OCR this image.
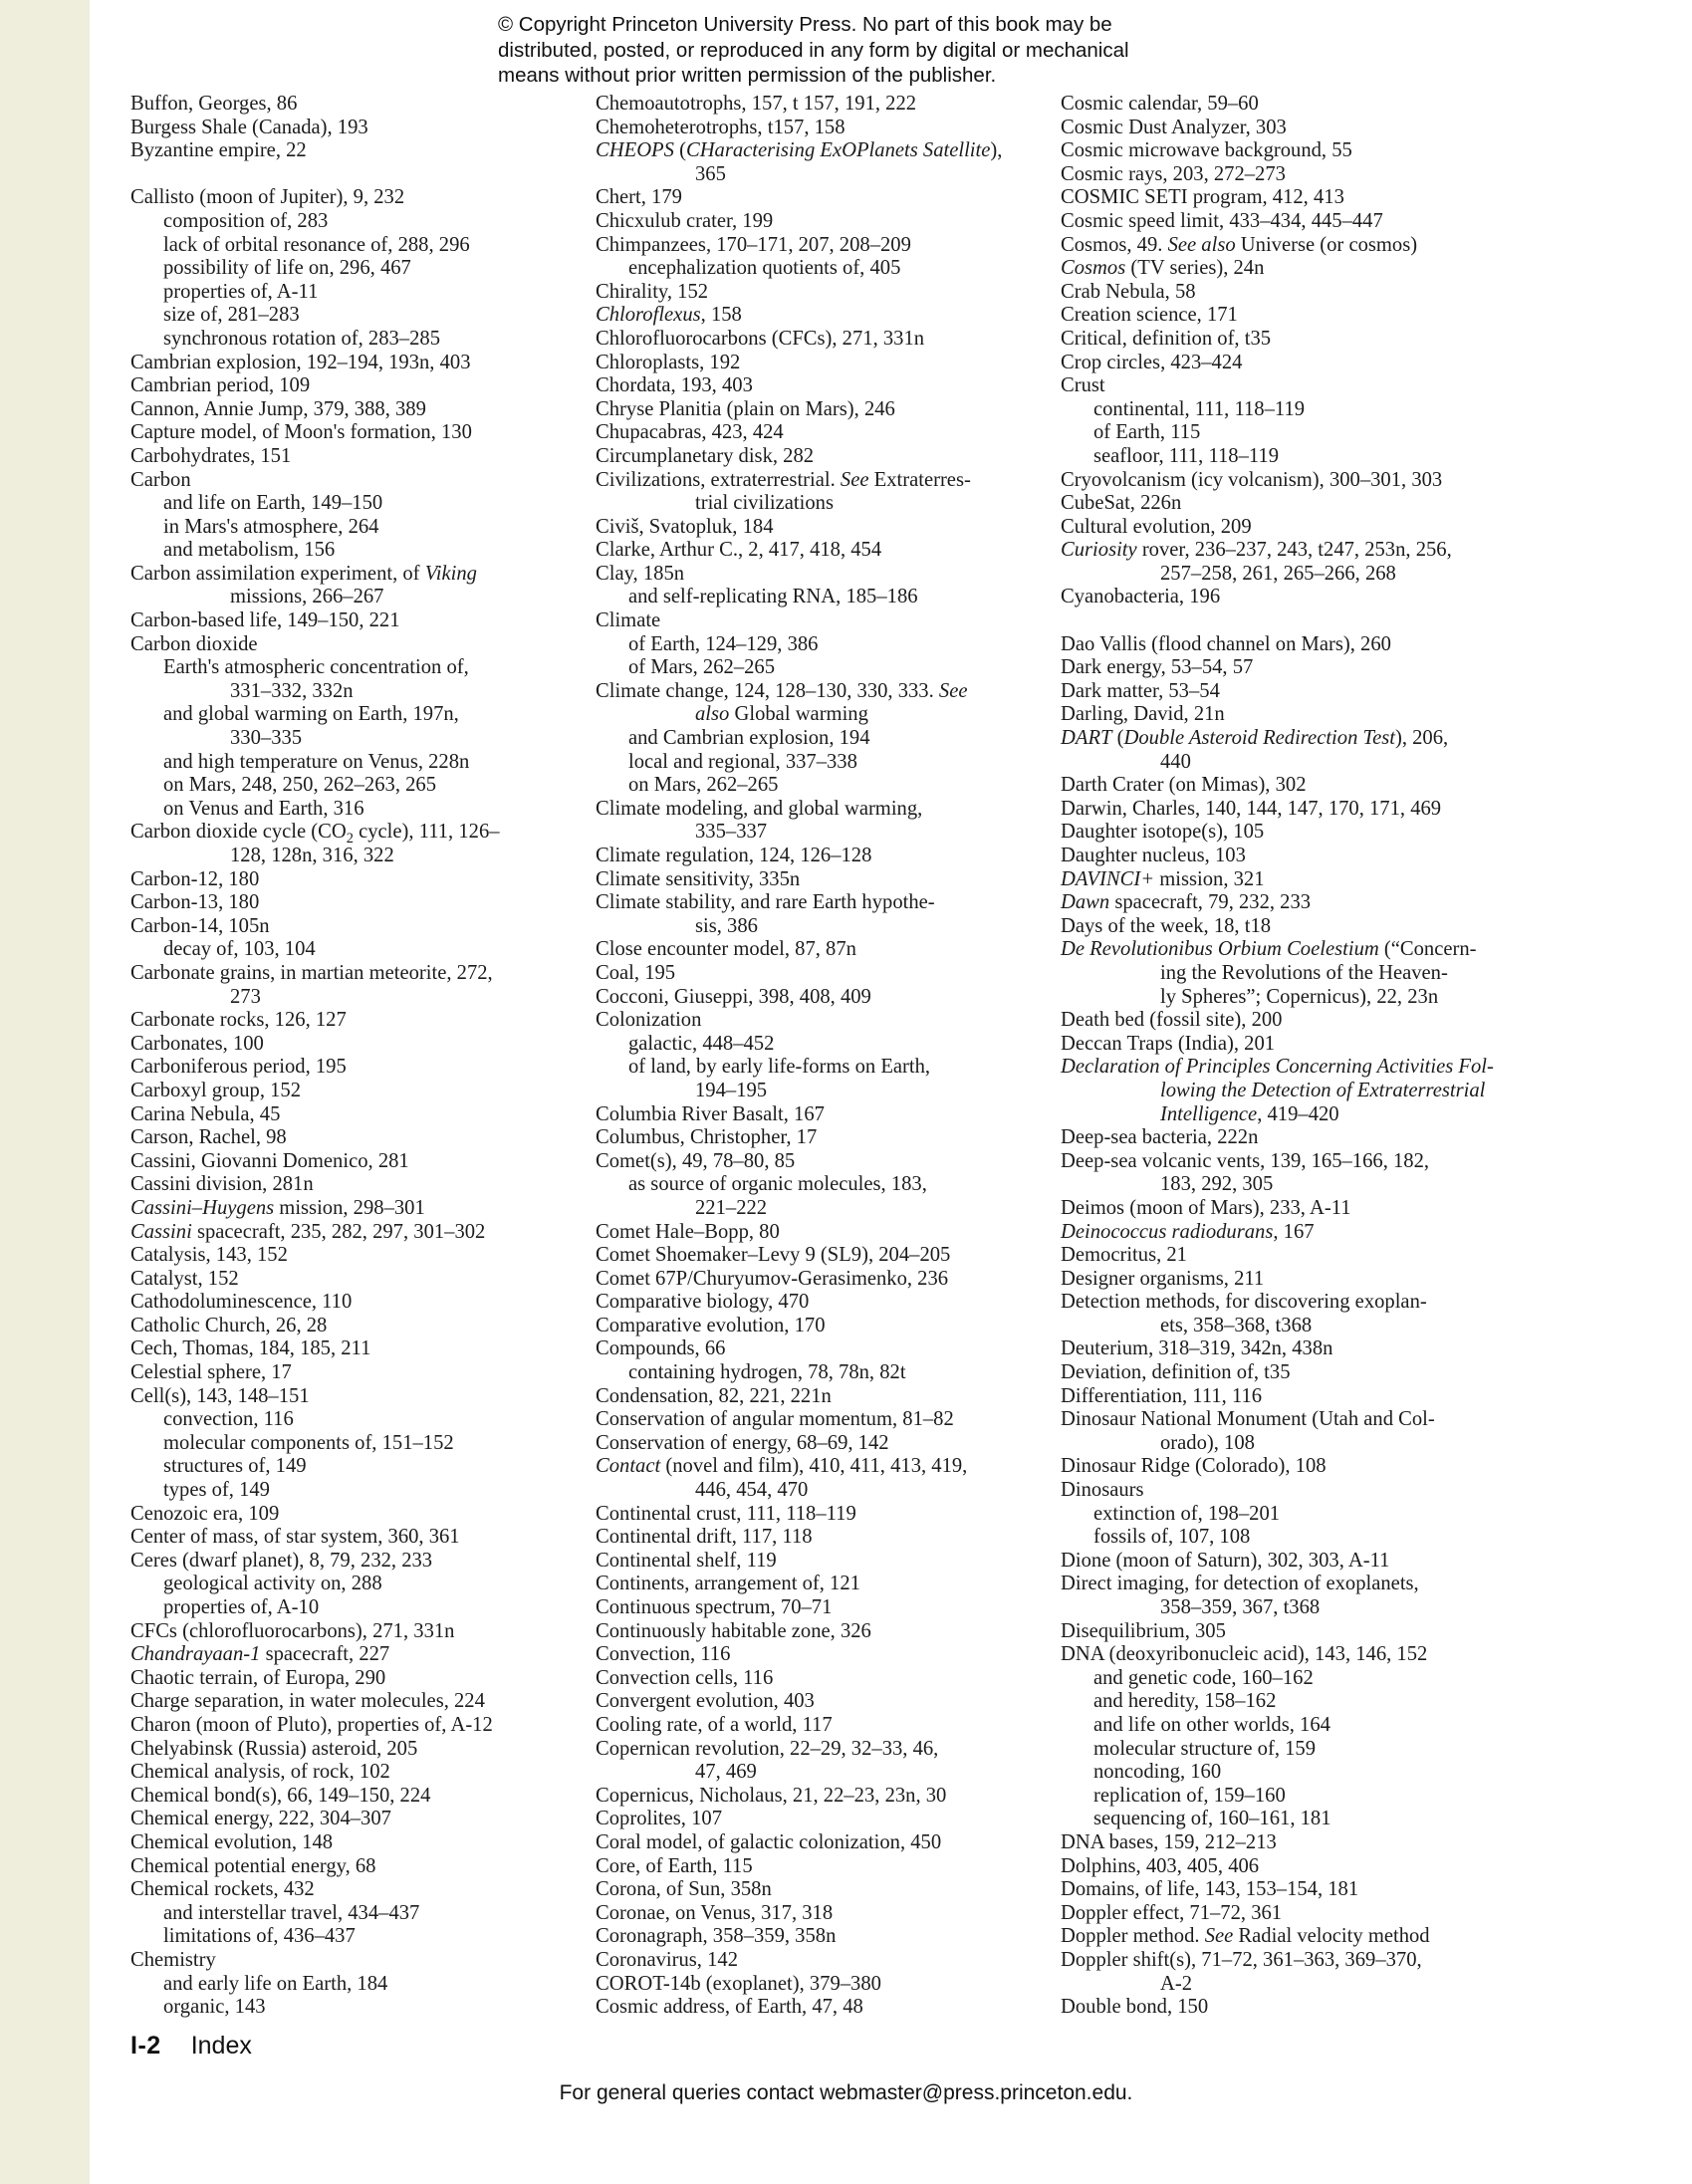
© Copyright Princeton University Press. No part of this book may be
distributed, posted, or reproduced in any form by digital or mechanical
means without prior written permission of the publisher.
Buffon, Georges, 86
Burgess Shale (Canada), 193
Byzantine empire, 22
Callisto (moon of Jupiter), 9, 232
composition of, 283
lack of orbital resonance of, 288, 296
possibility of life on, 296, 467
properties of, A-11
size of, 281–283
synchronous rotation of, 283–285
Cambrian explosion, 192–194, 193n, 403
Cambrian period, 109
Cannon, Annie Jump, 379, 388, 389
Capture model, of Moon's formation, 130
Carbohydrates, 151
Carbon
and life on Earth, 149–150
in Mars's atmosphere, 264
and metabolism, 156
Carbon assimilation experiment, of Viking
missions, 266–267
Carbon-based life, 149–150, 221
Carbon dioxide
Earth's atmospheric concentration of,
331–332, 332n
and global warming on Earth, 197n,
330–335
and high temperature on Venus, 228n
on Mars, 248, 250, 262–263, 265
on Venus and Earth, 316
Carbon dioxide cycle ($CO_2$ cycle), 111, 126–
128, 128n, 316, 322
Carbon-12, 180
Carbon-13, 180
Carbon-14, 105n
decay of, 103, 104
Carbonate grains, in martian meteorite, 272,
273
Carbonate rocks, 126, 127
Carbonates, 100
Carboniferous period, 195
Carboxyl group, 152
Carina Nebula, 45
Carson, Rachel, 98
Cassini, Giovanni Domenico, 281
Cassini division, 281n
Cassini–Huygens mission, 298–301
Cassini spacecraft, 235, 282, 297, 301–302
Catalysis, 143, 152
Catalyst, 152
Cathodoluminescence, 110
Catholic Church, 26, 28
Cech, Thomas, 184, 185, 211
Celestial sphere, 17
Cell(s), 143, 148–151
convection, 116
molecular components of, 151–152
structures of, 149
types of, 149
Cenozoic era, 109
Center of mass, of star system, 360, 361
Ceres (dwarf planet), 8, 79, 232, 233
geological activity on, 288
properties of, A-10
CFCs (chlorofluorocarbons), 271, 331n
Chandrayaan-1 spacecraft, 227
Chaotic terrain, of Europa, 290
Charge separation, in water molecules, 224
Charon (moon of Pluto), properties of, A-12
Chelyabinsk (Russia) asteroid, 205
Chemical analysis, of rock, 102
Chemical bond(s), 66, 149–150, 224
Chemical energy, 222, 304–307
Chemical evolution, 148
Chemical potential energy, 68
Chemical rockets, 432
and interstellar travel, 434–437
limitations of, 436–437
Chemistry
and early life on Earth, 184
organic, 143
Chemoautotrophs, 157, t 157, 191, 222
Chemoheterotrophs, t157, 158
CHEOPS (CHaracterising ExOPlanets Satellite),
365
Chert, 179
Chicxulub crater, 199
Chimpanzees, 170–171, 207, 208–209
encephalization quotients of, 405
Chirality, 152
Chloroflexus, 158
Chlorofluorocarbons (CFCs), 271, 331n
Chloroplasts, 192
Chordata, 193, 403
Chryse Planitia (plain on Mars), 246
Chupacabras, 423, 424
Circumplanetary disk, 282
Civilizations, extraterrestrial. See Extraterres-
trial civilizations
Civiš, Svatopluk, 184
Clarke, Arthur C., 2, 417, 418, 454
Clay, 185n
and self-replicating RNA, 185–186
Climate
of Earth, 124–129, 386
of Mars, 262–265
Climate change, 124, 128–130, 330, 333. See
also Global warming
and Cambrian explosion, 194
local and regional, 337–338
on Mars, 262–265
Climate modeling, and global warming,
335–337
Climate regulation, 124, 126–128
Climate sensitivity, 335n
Climate stability, and rare Earth hypothe-
sis, 386
Close encounter model, 87, 87n
Coal, 195
Cocconi, Giuseppi, 398, 408, 409
Colonization
galactic, 448–452
of land, by early life-forms on Earth,
194–195
Columbia River Basalt, 167
Columbus, Christopher, 17
Comet(s), 49, 78–80, 85
as source of organic molecules, 183,
221–222
Comet Hale–Bopp, 80
Comet Shoemaker–Levy 9 (SL9), 204–205
Comet 67P/Churyumov-Gerasimenko, 236
Comparative biology, 470
Comparative evolution, 170
Compounds, 66
containing hydrogen, 78, 78n, 82t
Condensation, 82, 221, 221n
Conservation of angular momentum, 81–82
Conservation of energy, 68–69, 142
Contact (novel and film), 410, 411, 413, 419,
446, 454, 470
Continental crust, 111, 118–119
Continental drift, 117, 118
Continental shelf, 119
Continents, arrangement of, 121
Continuous spectrum, 70–71
Continuously habitable zone, 326
Convection, 116
Convection cells, 116
Convergent evolution, 403
Cooling rate, of a world, 117
Copernican revolution, 22–29, 32–33, 46,
47, 469
Copernicus, Nicholaus, 21, 22–23, 23n, 30
Coprolites, 107
Coral model, of galactic colonization, 450
Core, of Earth, 115
Corona, of Sun, 358n
Coronae, on Venus, 317, 318
Coronagraph, 358–359, 358n
Coronavirus, 142
COROT-14b (exoplanet), 379–380
Cosmic address, of Earth, 47, 48
Cosmic calendar, 59–60
Cosmic Dust Analyzer, 303
Cosmic microwave background, 55
Cosmic rays, 203, 272–273
COSMIC SETI program, 412, 413
Cosmic speed limit, 433–434, 445–447
Cosmos, 49. See also Universe (or cosmos)
Cosmos (TV series), 24n
Crab Nebula, 58
Creation science, 171
Critical, definition of, t35
Crop circles, 423–424
Crust
continental, 111, 118–119
of Earth, 115
seafloor, 111, 118–119
Cryovolcanism (icy volcanism), 300–301, 303
CubeSat, 226n
Cultural evolution, 209
Curiosity rover, 236–237, 243, t247, 253n, 256,
257–258, 261, 265–266, 268
Cyanobacteria, 196
Dao Vallis (flood channel on Mars), 260
Dark energy, 53–54, 57
Dark matter, 53–54
Darling, David, 21n
DART (Double Asteroid Redirection Test), 206,
440
Darth Crater (on Mimas), 302
Darwin, Charles, 140, 144, 147, 170, 171, 469
Daughter isotope(s), 105
Daughter nucleus, 103
DAVINCI+ mission, 321
Dawn spacecraft, 79, 232, 233
Days of the week, 18, t18
De Revolutionibus Orbium Coelestium (“Concern-
ing the Revolutions of the Heaven-
ly Spheres”; Copernicus), 22, 23n
Death bed (fossil site), 200
Deccan Traps (India), 201
Declaration of Principles Concerning Activities Fol-
lowing the Detection of Extraterrestrial
Intelligence, 419–420
Deep-sea bacteria, 222n
Deep-sea volcanic vents, 139, 165–166, 182,
183, 292, 305
Deimos (moon of Mars), 233, A-11
Deinococcus radiodurans, 167
Democritus, 21
Designer organisms, 211
Detection methods, for discovering exoplan-
ets, 358–368, t368
Deuterium, 318–319, 342n, 438n
Deviation, definition of, t35
Differentiation, 111, 116
Dinosaur National Monument (Utah and Col-
orado), 108
Dinosaur Ridge (Colorado), 108
Dinosaurs
extinction of, 198–201
fossils of, 107, 108
Dione (moon of Saturn), 302, 303, A-11
Direct imaging, for detection of exoplanets,
358–359, 367, t368
Disequilibrium, 305
DNA (deoxyribonucleic acid), 143, 146, 152
and genetic code, 160–162
and heredity, 158–162
and life on other worlds, 164
molecular structure of, 159
noncoding, 160
replication of, 159–160
sequencing of, 160–161, 181
DNA bases, 159, 212–213
Dolphins, 403, 405, 406
Domains, of life, 143, 153–154, 181
Doppler effect, 71–72, 361
Doppler method. See Radial velocity method
Doppler shift(s), 71–72, 361–363, 369–370,
A-2
Double bond, 150
I-2 Index
For general queries contact webmaster@press.princeton.edu.
